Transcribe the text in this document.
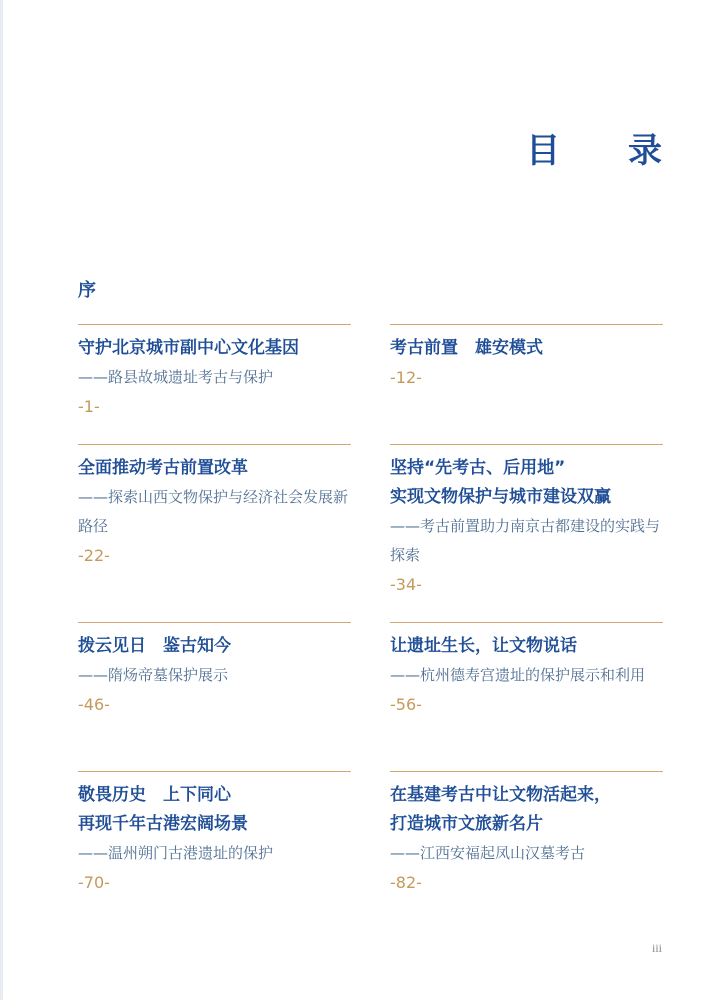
目 录
序
守护北京城市副中心文化基因
——路县故城遗址考古与保护
-1-
考古前置　雄安模式
-12-
全面推动考古前置改革
——探索山西文物保护与经济社会发展新路径
-22-
坚持“先考古、后用地”
实现文物保护与城市建设双赢
——考古前置助力南京古都建设的实践与探索
-34-
拨云见日　鉴古知今
——隋炀帝墓保护展示
-46-
让遗址生长，让文物说话
——杭州德寿宫遗址的保护展示和利用
-56-
敬畏历史　上下同心
再现千年古港宏阔场景
——温州朔门古港遗址的保护
-70-
在基建考古中让文物活起来，
打造城市文旅新名片
——江西安福起凤山汉墓考古
-82-
iii
